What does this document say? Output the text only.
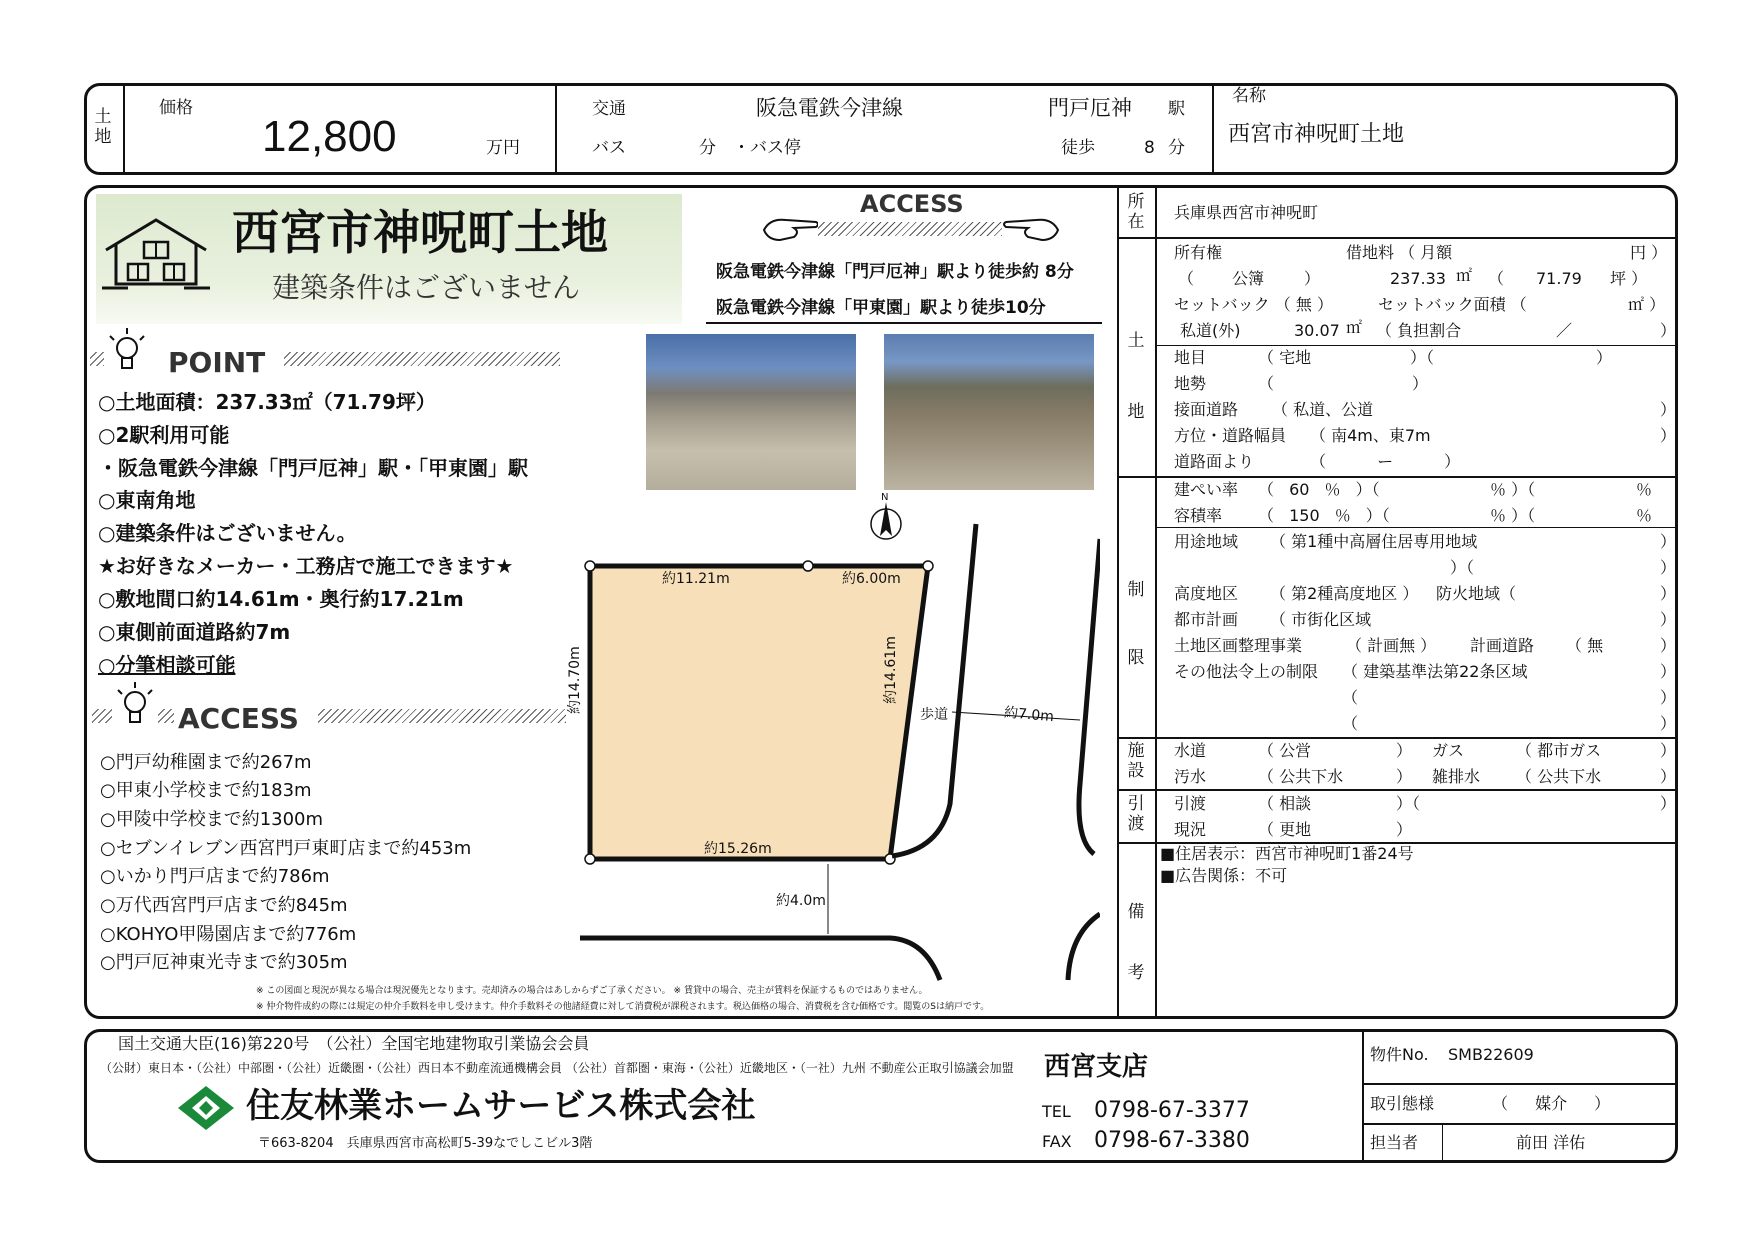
土地
価格
12,800	万円
交通	阪急電鉄今津線	門戸厄神 駅
バス	分 ・バス停	徒歩	8 分
名称
西宮市神呪町土地
西宮市神呪町土地
建築条件はございません
ACCESS
阪急電鉄今津線「門戸厄神」駅より徒歩約 8分
阪急電鉄今津線「甲東園」駅より徒歩10分
POINT
○土地面積：237.33㎡（71.79坪）
○2駅利用可能
・阪急電鉄今津線「門戸厄神」駅・「甲東園」駅
○東南角地
○建築条件はございません。
★お好きなメーカー・工務店で施工できます★
○敷地間口約14.61m・奥行約17.21m
○東側前面道路約7m
○分筆相談可能
ACCESS
○門戸幼稚園まで約267m
○甲東小学校まで約183m
○甲陵中学校まで約1300m
○セブンイレブン西宮門戸東町店まで約453m
○いかり門戸店まで約786m
○万代西宮門戸店まで約845m
○KOHYO甲陽園店まで約776m
○門戸厄神東光寺まで約305m
N
約11.21m	約6.00m
約14.70m	約14.61m
約15.26m
歩道	約7.0m
約4.0m
※ この図面と現況が異なる場合は現況優先となります。売却済みの場合はあしからずご了承ください。 ※ 賃貸中の場合、売主が賃料を保証するものではありません。
※ 仲介物件成約の際には規定の仲介手数料を申し受けます。仲介手数料その他諸経費に対して消費税が課税されます。税込価格の場合、消費税を含む価格です。閲覧のSは納戸です。
所在 兵庫県西宮市神呪町
土地
所有権	借地料 （ 月額	円 ）
（ 公簿 ）	237.33 ㎡ （ 71.79 坪 ）
セットバック （ 無 ）	セットバック面積 （	㎡ ）
私道(外)	30.07 ㎡ （ 負担割合	／	）
地目	（ 宅地	）（	）
地勢	（	）
接面道路 （ 私道、公道	）
方位・道路幅員 （ 南4m、東7m	）
道路面より	（ ー ）
制限
建ぺい率 （ 60 ％ ）（	％ ）（	％
容積率 （ 150 ％ ）（	％ ）（	％
用途地域 （ 第1種中高層住居専用地域	）
）（	）
高度地区 （ 第2種高度地区 ） 防火地域（	）
都市計画 （ 市街化区域	）
土地区画整理事業	（ 計画無 ） 計画道路 （ 無	）
その他法令上の制限 （ 建築基準法第22条区域	）
（	）
（	）
施設
水道	（ 公営	） ガス	（ 都市ガス	）
汚水	（ 公共下水	） 雑排水 （ 公共下水	）
引渡
引渡	（ 相談	）（	）
現況	（ 更地	）
備考
■住居表示：西宮市神呪町1番24号
■広告関係：不可
国土交通大臣(16)第220号　（公社）全国宅地建物取引業協会会員
（公財）東日本・（公社）中部圏・（公社）近畿圏・（公社）西日本不動産流通機構会員 （公社）首都圏・東海・（公社）近畿地区・（一社）九州 不動産公正取引協議会加盟
住友林業ホームサービス株式会社
〒663-8204　兵庫県西宮市高松町5-39なでしこビル3階
西宮支店
TEL 0798-67-3377
FAX 0798-67-3380
物件No. SMB22609
取引態様	（ 媒介 ）
担当者	前田 洋佑
